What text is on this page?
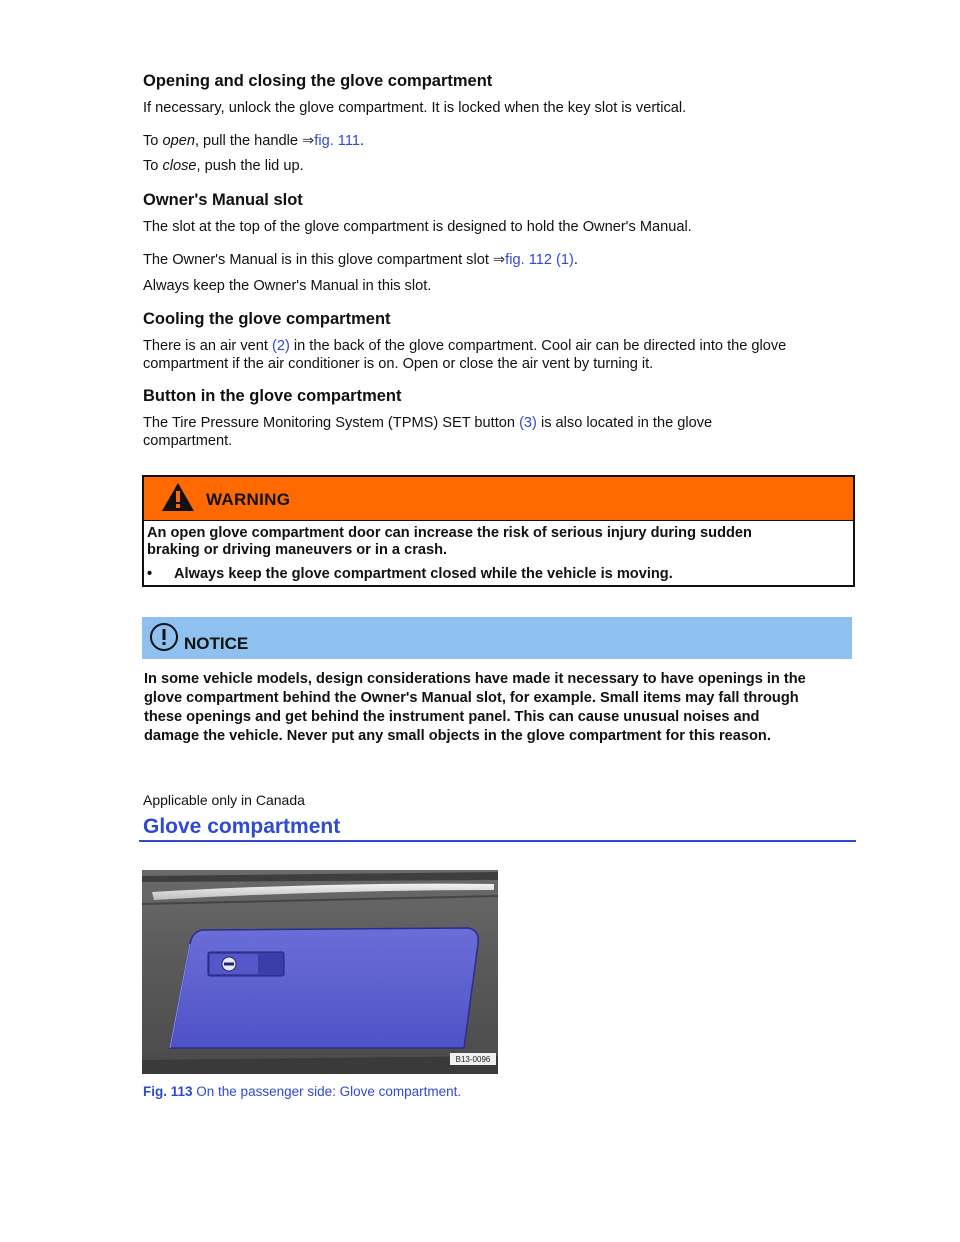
Opening and closing the glove compartment
If necessary, unlock the glove compartment. It is locked when the key slot is vertical.
To open, pull the handle ⇒fig. 111.
To close, push the lid up.
Owner's Manual slot
The slot at the top of the glove compartment is designed to hold the Owner's Manual.
The Owner's Manual is in this glove compartment slot ⇒fig. 112 (1).
Always keep the Owner's Manual in this slot.
Cooling the glove compartment
There is an air vent (2) in the back of the glove compartment. Cool air can be directed into the glove
compartment if the air conditioner is on. Open or close the air vent by turning it.
Button in the glove compartment
The Tire Pressure Monitoring System (TPMS) SET button (3) is also located in the glove
compartment.
WARNING
An open glove compartment door can increase the risk of serious injury during sudden
braking or driving maneuvers or in a crash.
• Always keep the glove compartment closed while the vehicle is moving.
NOTICE
In some vehicle models, design considerations have made it necessary to have openings in the
glove compartment behind the Owner's Manual slot, for example. Small items may fall through
these openings and get behind the instrument panel. This can cause unusual noises and
damage the vehicle. Never put any small objects in the glove compartment for this reason.
Applicable only in Canada
Glove compartment
B13-0096
Fig. 113 On the passenger side: Glove compartment.
